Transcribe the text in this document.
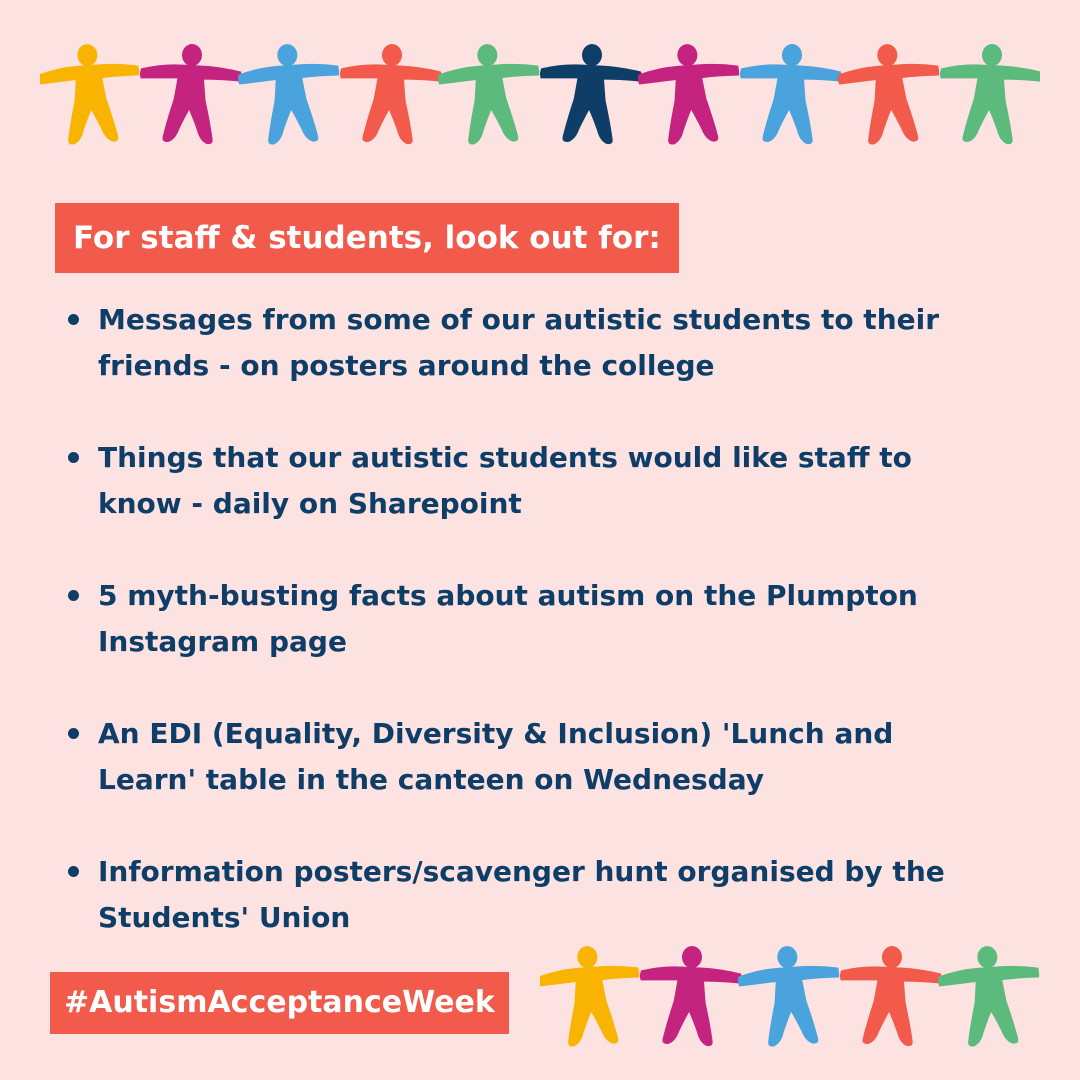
For staff & students, look out for:
Messages from some of our autistic students to their friends - on posters around the college
Things that our autistic students would like staff to know - daily on Sharepoint
5 myth-busting facts about autism on the Plumpton Instagram page
An EDI (Equality, Diversity & Inclusion) 'Lunch and Learn' table in the canteen on Wednesday
Information posters/scavenger hunt organised by the Students' Union
#AutismAcceptanceWeek
